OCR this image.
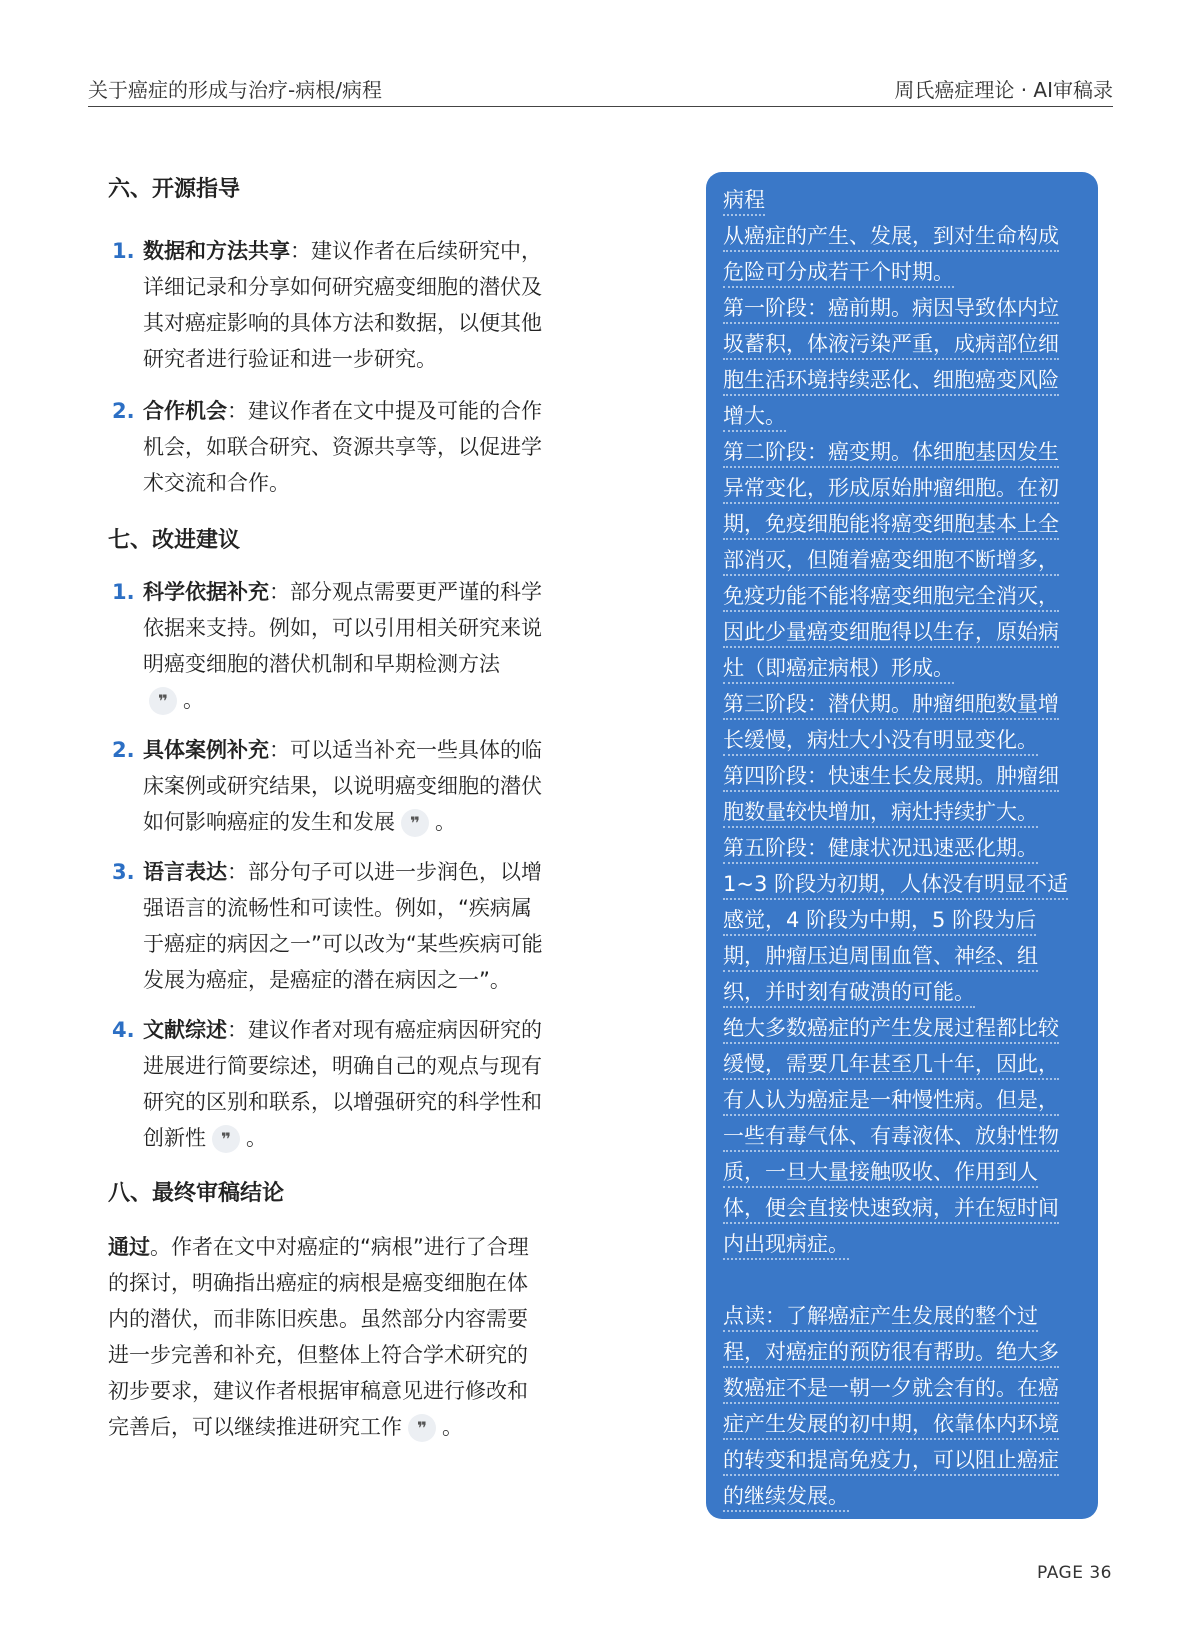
关于癌症的形成与治疗-病根/病程	周氏癌症理论 · AI审稿录
六、开源指导
1. 数据和方法共享：建议作者在后续研究中，
详细记录和分享如何研究癌变细胞的潜伏及
其对癌症影响的具体方法和数据，以便其他
研究者进行验证和进一步研究。
2. 合作机会：建议作者在文中提及可能的合作
机会，如联合研究、资源共享等，以促进学
术交流和合作。
七、改进建议
1. 科学依据补充：部分观点需要更严谨的科学
依据来支持。例如，可以引用相关研究来说
明癌变细胞的潜伏机制和早期检测方法
❞ 。
2. 具体案例补充：可以适当补充一些具体的临
床案例或研究结果，以说明癌变细胞的潜伏
如何影响癌症的发生和发展 ❞ 。
3. 语言表达：部分句子可以进一步润色，以增
强语言的流畅性和可读性。例如，“疾病属
于癌症的病因之一”可以改为“某些疾病可能
发展为癌症，是癌症的潜在病因之一”。
4. 文献综述：建议作者对现有癌症病因研究的
进展进行简要综述，明确自己的观点与现有
研究的区别和联系，以增强研究的科学性和
创新性 ❞ 。
八、最终审稿结论
通过。作者在文中对癌症的“病根”进行了合理
的探讨，明确指出癌症的病根是癌变细胞在体
内的潜伏，而非陈旧疾患。虽然部分内容需要
进一步完善和补充，但整体上符合学术研究的
初步要求，建议作者根据审稿意见进行修改和
完善后，可以继续推进研究工作 ❞ 。
病程
从癌症的产生、发展，到对生命构成
危险可分成若干个时期。
第一阶段：癌前期。病因导致体内垃
圾蓄积，体液污染严重，成病部位细
胞生活环境持续恶化、细胞癌变风险
增大。
第二阶段：癌变期。体细胞基因发生
异常变化，形成原始肿瘤细胞。在初
期，免疫细胞能将癌变细胞基本上全
部消灭，但随着癌变细胞不断增多，
免疫功能不能将癌变细胞完全消灭，
因此少量癌变细胞得以生存，原始病
灶（即癌症病根）形成。
第三阶段：潜伏期。肿瘤细胞数量增
长缓慢，病灶大小没有明显变化。
第四阶段：快速生长发展期。肿瘤细
胞数量较快增加，病灶持续扩大。
第五阶段：健康状况迅速恶化期。
1~3 阶段为初期，人体没有明显不适
感觉，4 阶段为中期，5 阶段为后
期，肿瘤压迫周围血管、神经、组
织，并时刻有破溃的可能。
绝大多数癌症的产生发展过程都比较
缓慢，需要几年甚至几十年，因此，
有人认为癌症是一种慢性病。但是，
一些有毒气体、有毒液体、放射性物
质，一旦大量接触吸收、作用到人
体，便会直接快速致病，并在短时间
内出现病症。
点读：了解癌症产生发展的整个过
程，对癌症的预防很有帮助。绝大多
数癌症不是一朝一夕就会有的。在癌
症产生发展的初中期，依靠体内环境
的转变和提高免疫力，可以阻止癌症
的继续发展。
PAGE 36
